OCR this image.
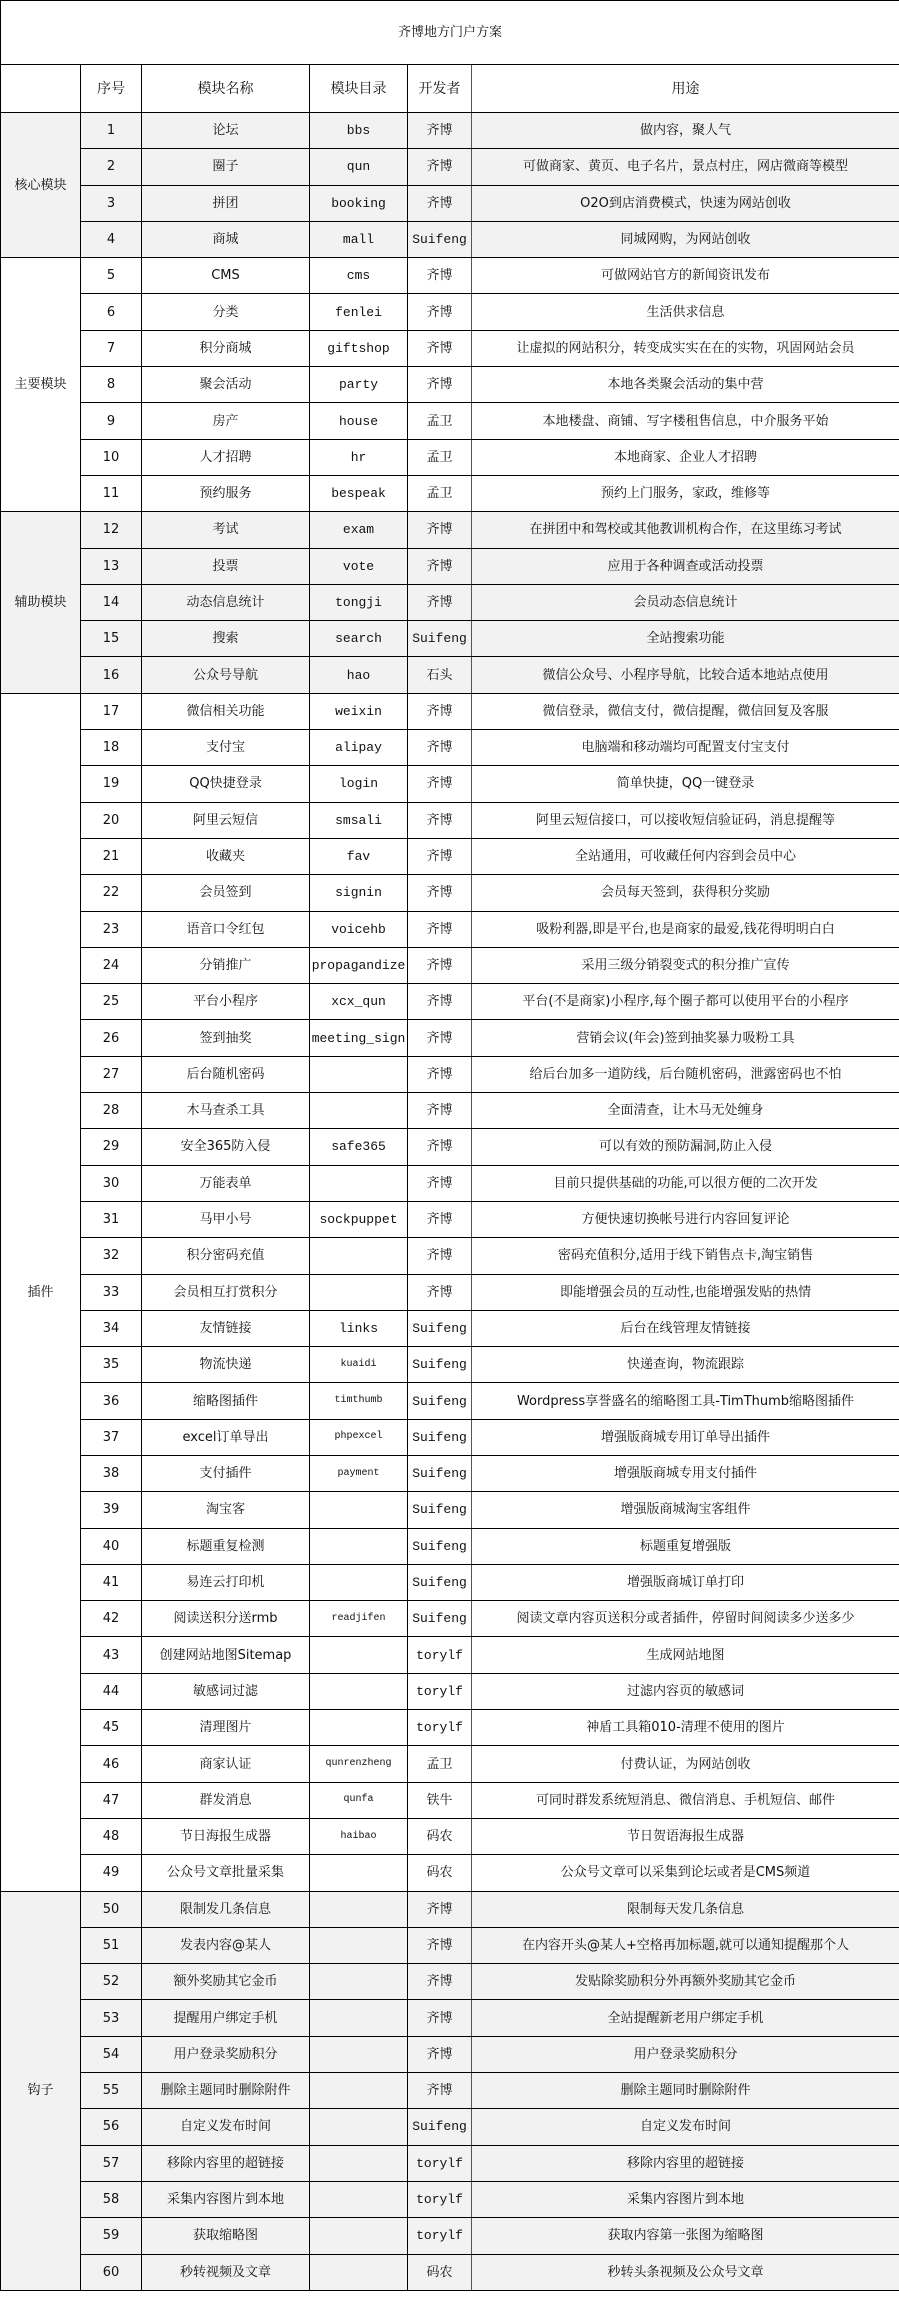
齐博地方门户方案					
	序号	模块名称	模块目录	开发者	用途
核心模块	1	论坛	bbs	齐博	做内容，聚人气
	2	圈子	qun	齐博	可做商家、黄页、电子名片，景点村庄，网店微商等模型
	3	拼团	booking	齐博	O2O到店消费模式，快速为网站创收
	4	商城	mall	Suifeng	同城网购，为网站创收
主要模块	5	CMS	cms	齐博	可做网站官方的新闻资讯发布
	6	分类	fenlei	齐博	生活供求信息
	7	积分商城	giftshop	齐博	让虚拟的网站积分，转变成实实在在的实物，巩固网站会员
	8	聚会活动	party	齐博	本地各类聚会活动的集中营
	9	房产	house	孟卫	本地楼盘、商铺、写字楼租售信息，中介服务平始
	10	人才招聘	hr	孟卫	本地商家、企业人才招聘
	11	预约服务	bespeak	孟卫	预约上门服务，家政，维修等
辅助模块	12	考试	exam	齐博	在拼团中和驾校或其他教训机构合作，在这里练习考试
	13	投票	vote	齐博	应用于各种调查或活动投票
	14	动态信息统计	tongji	齐博	会员动态信息统计
	15	搜索	search	Suifeng	全站搜索功能
	16	公众号导航	hao	石头	微信公众号、小程序导航，比较合适本地站点使用
插件	17	微信相关功能	weixin	齐博	微信登录，微信支付，微信提醒，微信回复及客服
	18	支付宝	alipay	齐博	电脑端和移动端均可配置支付宝支付
	19	QQ快捷登录	login	齐博	简单快捷，QQ一键登录
	20	阿里云短信	smsali	齐博	阿里云短信接口，可以接收短信验证码，消息提醒等
	21	收藏夹	fav	齐博	全站通用，可收藏任何内容到会员中心
	22	会员签到	signin	齐博	会员每天签到，获得积分奖励
	23	语音口令红包	voicehb	齐博	吸粉利器,即是平台,也是商家的最爱,钱花得明明白白
	24	分销推广	propagandize	齐博	采用三级分销裂变式的积分推广宣传
	25	平台小程序	xcx_qun	齐博	平台(不是商家)小程序,每个圈子都可以使用平台的小程序
	26	签到抽奖	meeting_sign	齐博	营销会议(年会)签到抽奖暴力吸粉工具
	27	后台随机密码		齐博	给后台加多一道防线，后台随机密码，泄露密码也不怕
	28	木马查杀工具		齐博	全面清查，让木马无处缠身
	29	安全365防入侵	safe365	齐博	可以有效的预防漏洞,防止入侵
	30	万能表单		齐博	目前只提供基础的功能,可以很方便的二次开发
	31	马甲小号	sockpuppet	齐博	方便快速切换帐号进行内容回复评论
	32	积分密码充值		齐博	密码充值积分,适用于线下销售点卡,淘宝销售
	33	会员相互打赏积分		齐博	即能增强会员的互动性,也能增强发贴的热情
	34	友情链接	links	Suifeng	后台在线管理友情链接
	35	物流快递	kuaidi	Suifeng	快递查询，物流跟踪
	36	缩略图插件	timthumb	Suifeng	Wordpress享誉盛名的缩略图工具-TimThumb缩略图插件
	37	excel订单导出	phpexcel	Suifeng	增强版商城专用订单导出插件
	38	支付插件	payment	Suifeng	增强版商城专用支付插件
	39	淘宝客		Suifeng	增强版商城淘宝客组件
	40	标题重复检测		Suifeng	标题重复增强版
	41	易连云打印机		Suifeng	增强版商城订单打印
	42	阅读送积分送rmb	readjifen	Suifeng	阅读文章内容页送积分或者插件，停留时间阅读多少送多少
	43	创建网站地图Sitemap		torylf	生成网站地图
	44	敏感词过滤		torylf	过滤内容页的敏感词
	45	清理图片		torylf	神盾工具箱010-清理不使用的图片
	46	商家认证	qunrenzheng	孟卫	付费认证，为网站创收
	47	群发消息	qunfa	铁牛	可同时群发系统短消息、微信消息、手机短信、邮件
	48	节日海报生成器	haibao	码农	节日贺语海报生成器
	49	公众号文章批量采集		码农	公众号文章可以采集到论坛或者是CMS频道
钩子	50	限制发几条信息		齐博	限制每天发几条信息
	51	发表内容@某人		齐博	在内容开头@某人+空格再加标题,就可以通知提醒那个人
	52	额外奖励其它金币		齐博	发贴除奖励积分外再额外奖励其它金币
	53	提醒用户绑定手机		齐博	全站提醒新老用户绑定手机
	54	用户登录奖励积分		齐博	用户登录奖励积分
	55	删除主题同时删除附件		齐博	删除主题同时删除附件
	56	自定义发布时间		Suifeng	自定义发布时间
	57	移除内容里的超链接		torylf	移除内容里的超链接
	58	采集内容图片到本地		torylf	采集内容图片到本地
	59	获取缩略图		torylf	获取内容第一张图为缩略图
	60	秒转视频及文章		码农	秒转头条视频及公众号文章
